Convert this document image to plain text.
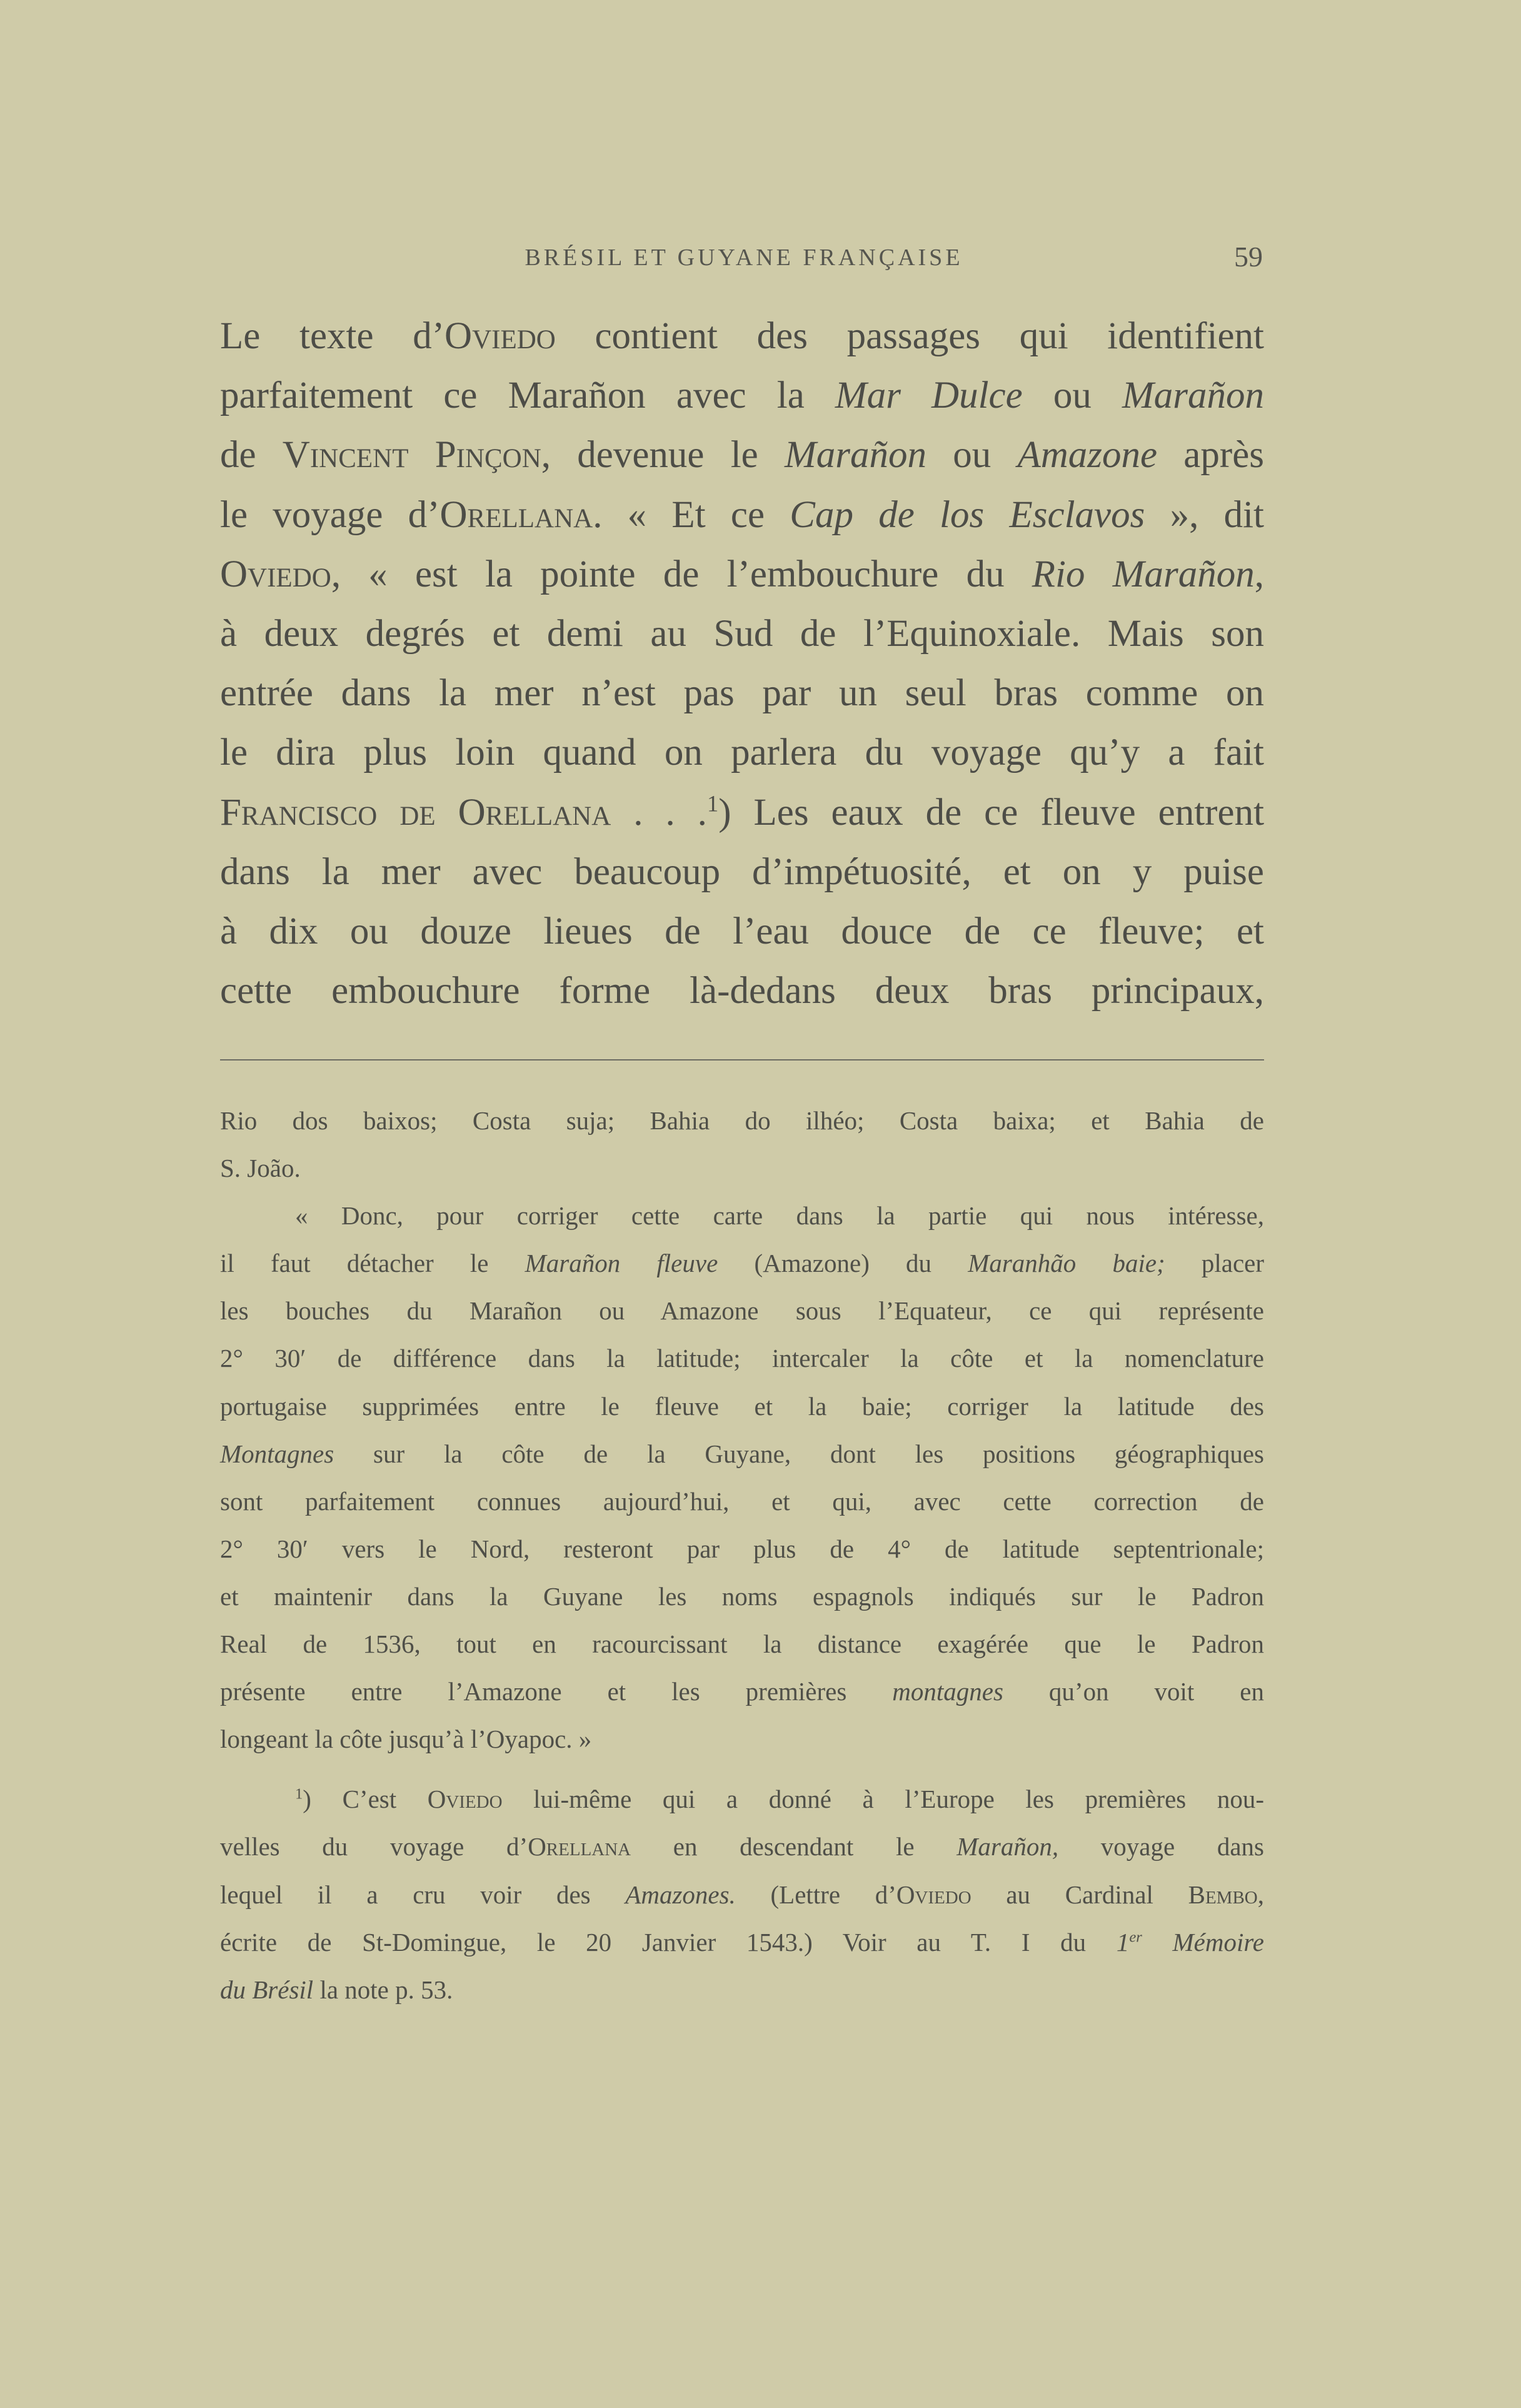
BRÉSIL ET GUYANE FRANÇAISE	59
Le texte d’Oviedo contient des passages qui identifient
parfaitement ce Marañon avec la Mar Dulce ou Marañon
de Vincent Pinçon, devenue le Marañon ou Amazone après
le voyage d’Orellana. « Et ce Cap de los Esclavos », dit
Oviedo, « est la pointe de l’embouchure du Rio Marañon,
à deux degrés et demi au Sud de l’Equinoxiale. Mais son
entrée dans la mer n’est pas par un seul bras comme on
le dira plus loin quand on parlera du voyage qu’y a fait
Francisco de Orellana . . .$^1$) Les eaux de ce fleuve entrent
dans la mer avec beaucoup d’impétuosité, et on y puise
à dix ou douze lieues de l’eau douce de ce fleuve; et
cette embouchure forme là-dedans deux bras principaux,
Rio dos baixos; Costa suja; Bahia do ilhéo; Costa baixa; et Bahia de
S. João.
« Donc, pour corriger cette carte dans la partie qui nous intéresse,
il faut détacher le Marañon fleuve (Amazone) du Maranhão baie; placer
les bouches du Marañon ou Amazone sous l’Equateur, ce qui représente
2° 30′ de différence dans la latitude; intercaler la côte et la nomenclature
portugaise supprimées entre le fleuve et la baie; corriger la latitude des
Montagnes sur la côte de la Guyane, dont les positions géographiques
sont parfaitement connues aujourd’hui, et qui, avec cette correction de
2° 30′ vers le Nord, resteront par plus de 4° de latitude septentrionale;
et maintenir dans la Guyane les noms espagnols indiqués sur le Padron
Real de 1536, tout en racourcissant la distance exagérée que le Padron
présente entre l’Amazone et les premières montagnes qu’on voit en
longeant la côte jusqu’à l’Oyapoc. »
$^1$) C’est Oviedo lui-même qui a donné à l’Europe les premières nou-
velles du voyage d’Orellana en descendant le Marañon, voyage dans
lequel il a cru voir des Amazones. (Lettre d’Oviedo au Cardinal Bembo,
écrite de St-Domingue, le 20 Janvier 1543.) Voir au T. I du 1er Mémoire
du Brésil la note p. 53.
